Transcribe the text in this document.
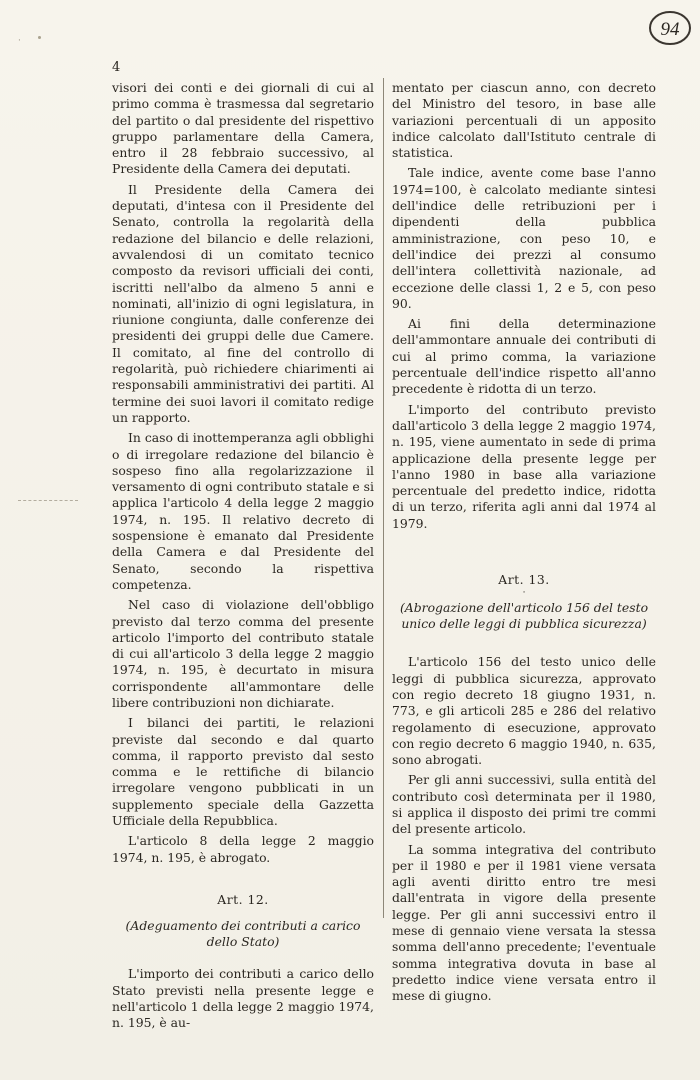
·
94
4

visori dei conti e dei giornali di cui al primo comma è trasmessa dal segretario del partito o dal presidente del rispettivo gruppo parlamentare della Camera, entro il 28 febbraio successivo, al Presidente della Camera dei deputati.

Il Presidente della Camera dei deputati, d'intesa con il Presidente del Senato, controlla la regolarità della redazione del bilancio e delle relazioni, avvalendosi di un comitato tecnico composto da revisori ufficiali dei conti, iscritti nell'albo da almeno 5 anni e nominati, all'inizio di ogni legislatura, in riunione congiunta, dalle conferenze dei presidenti dei gruppi delle due Camere. Il comitato, al fine del controllo di regolarità, può richiedere chiarimenti ai responsabili amministrativi dei partiti. Al termine dei suoi lavori il comitato redige un rapporto.

In caso di inottemperanza agli obblighi o di irregolare redazione del bilancio è sospeso fino alla regolarizzazione il versamento di ogni contributo statale e si applica l'articolo 4 della legge 2 maggio 1974, n. 195. Il relativo decreto di sospensione è emanato dal Presidente della Camera e dal Presidente del Senato, secondo la rispettiva competenza.

Nel caso di violazione dell'obbligo previsto dal terzo comma del presente articolo l'importo del contributo statale di cui all'articolo 3 della legge 2 maggio 1974, n. 195, è decurtato in misura corrispondente all'ammontare delle libere contribuzioni non dichiarate.

I bilanci dei partiti, le relazioni previste dal secondo e dal quarto comma, il rapporto previsto dal sesto comma e le rettifiche di bilancio irregolare vengono pubblicati in un supplemento speciale della Gazzetta Ufficiale della Repubblica.

L'articolo 8 della legge 2 maggio 1974, n. 195, è abrogato.

Art. 12.
(Adeguamento dei contributi a carico dello Stato)

L'importo dei contributi a carico dello Stato previsti nella presente legge e nell'articolo 1 della legge 2 maggio 1974, n. 195, è au-

mentato per ciascun anno, con decreto del Ministro del tesoro, in base alle variazioni percentuali di un apposito indice calcolato dall'Istituto centrale di statistica.

Tale indice, avente come base l'anno 1974=100, è calcolato mediante sintesi dell'indice delle retribuzioni per i dipendenti della pubblica amministrazione, con peso 10, e dell'indice dei prezzi al consumo dell'intera collettività nazionale, ad eccezione delle classi 1, 2 e 5, con peso 90.

Ai fini della determinazione dell'ammontare annuale dei contributi di cui al primo comma, la variazione percentuale dell'indice rispetto all'anno precedente è ridotta di un terzo.

L'importo del contributo previsto dall'articolo 3 della legge 2 maggio 1974, n. 195, viene aumentato in sede di prima applicazione della presente legge per l'anno 1980 in base alla variazione percentuale del predetto indice, ridotta di un terzo, riferita agli anni dal 1974 al 1979.

Art. 13.
·
(Abrogazione dell'articolo 156 del testo unico delle leggi di pubblica sicurezza)

L'articolo 156 del testo unico delle leggi di pubblica sicurezza, approvato con regio decreto 18 giugno 1931, n. 773, e gli articoli 285 e 286 del relativo regolamento di esecuzione, approvato con regio decreto 6 maggio 1940, n. 635, sono abrogati.

Per gli anni successivi, sulla entità del contributo così determinata per il 1980, si applica il disposto dei primi tre commi del presente articolo.

La somma integrativa del contributo per il 1980 e per il 1981 viene versata agli aventi diritto entro tre mesi dall'entrata in vigore della presente legge. Per gli anni successivi entro il mese di gennaio viene versata la stessa somma dell'anno precedente; l'eventuale somma integrativa dovuta in base al predetto indice viene versata entro il mese di giugno.
